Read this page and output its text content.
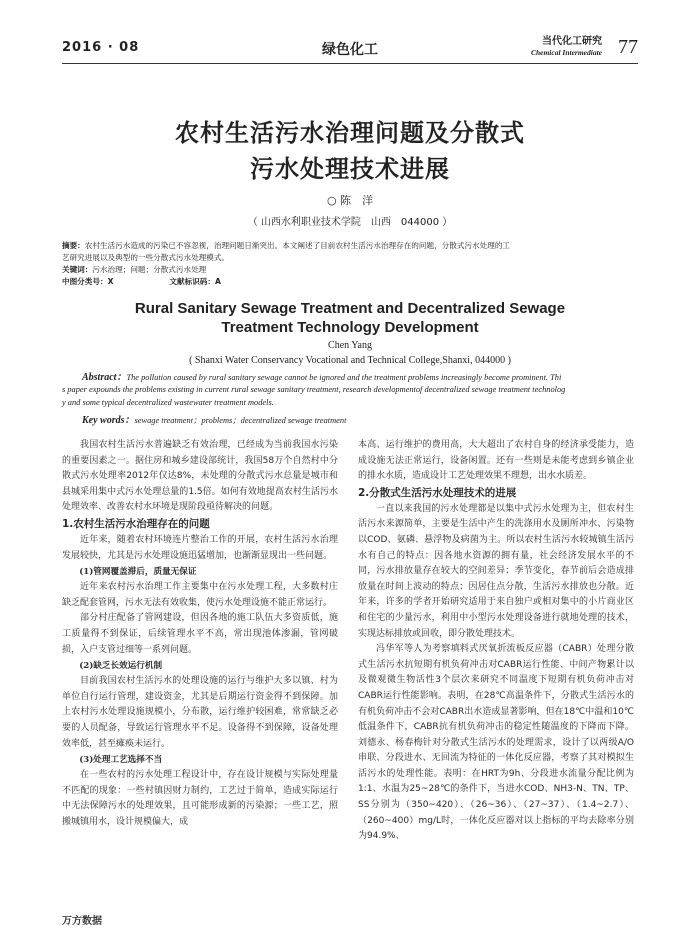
2016 · 08	绿色化工
当代化工研究
Chemical Intermediate 77
农村生活污水治理问题及分散式
污水处理技术进展
○ 陈　洋
（ 山西水利职业技术学院　山西　044000 ）
摘要：农村生活污水造成的污染已不容忽视，治理问题日渐突出。本文阐述了目前农村生活污水治理存在的问题，分散式污水处理的工
艺研究进展以及典型的一些分散式污水处理模式。
关键词：污水治理；问题；分散式污水处理
中图分类号：X	文献标识码：A
Rural Sanitary Sewage Treatment and Decentralized Sewage
Treatment Technology Development
Chen Yang
( Shanxi Water Conservancy Vocational and Technical College,Shanxi, 044000 )
Abstract：The pollution caused by rural sanitary sewage cannot be ignored and the treatment problems increasingly become prominent. Thi
s paper expounds the problems existing in current rural sewage sanitary treatment, research developmentof decentralized sewage treatment technolog
y and some typical decentralized wastewater treatment models.
Key words：sewage treatment；problems；decentralized sewage treatment

我国农村生活污水普遍缺乏有效治理，已经成为当前我国水污染的重要因素之一。据住房和城乡建设部统计，我国58万个自然村中分散式污水处理率2012年仅达8%，未处理的分散式污水总量是城市和县城采用集中式污水处理总量的1.5倍。如何有效地提高农村生活污水处理效率、改善农村水环境是现阶段亟待解决的问题。

1.农村生活污水治理存在的问题

近年来，随着农村环境连片整治工作的开展，农村生活污水治理发展较快，尤其是污水处理设施迅猛增加，也渐渐显现出一些问题。

(1)管网覆盖滞后，质量无保证

近年来农村污水治理工作主要集中在污水处理工程，大多数村庄缺乏配套管网，污水无法有效收集，使污水处理设施不能正常运行。

部分村庄配备了管网建设，但因各地的施工队伍大多资质低，施工质量得不到保证，后续管理水平不高，常出现池体渗漏，管网破损，入户支管过细等一系列问题。

(2)缺乏长效运行机制

目前我国农村生活污水的处理设施的运行与维护大多以镇、村为单位自行运行管理，建设资金，尤其是后期运行资金得不到保障。加上农村污水处理设施规模小，分布散，运行维护较困难，常常缺乏必要的人员配备，导致运行管理水平不足。设备得不到保障，设备处理效率低，甚至瘫痪未运行。

(3)处理工艺选择不当

在一些农村的污水处理工程设计中，存在设计规模与实际处理量不匹配的现象：一些村镇因财力制约，工艺过于简单，造成实际运行中无法保障污水的处理效果，且可能形成新的污染源；一些工艺，照搬城镇用水，设计规模偏大，成

本高、运行维护的费用高，大大超出了农村自身的经济承受能力，造成设施无法正常运行，设备闲置。还有一些则是未能考虑到乡镇企业的排水水质，造成设计工艺处理效果不理想，出水水质差。

2.分散式生活污水处理技术的进展

一直以来我国的污水处理都是以集中式污水处理为主，但农村生活污水来源简单，主要是生活中产生的洗涤用水及厕所冲水、污染物以COD、氨磷、悬浮物及病菌为主。所以农村生活污水较城镇生活污水有自己的特点：因各地水资源的拥有量，社会经济发展水平的不同，污水排放量存在较大的空间差异；季节变化，春节前后会造成排放量在时间上波动的特点；因居住点分散，生活污水排放也分散。近年来，许多的学者开始研究适用于来自独户或相对集中的小片商业区和住宅的少量污水，利用中小型污水处理设备进行就地处理的技术，实现达标排放或回收，即分散处理技术。

冯华军等人为考察填料式厌氧折流板反应器（CABR）处理分散式生活污水抗短期有机负荷冲击对CABR运行性能、中间产物累计以及微观微生物活性3个层次来研究不同温度下短期有机负荷冲击对CABR运行性能影响。表明，在28℃高温条件下，分散式生活污水的有机负荷冲击不会对CABR出水造成显著影响，但在18℃中温和10℃低温条件下，CABR抗有机负荷冲击的稳定性随温度的下降而下降。刘德永、杨春梅针对分散式生活污水的处理需求，设计了以两级A/O串联、分段进水、无回流为特征的一体化反应器，考察了其对模拟生活污水的处理性能。表明：在HRT为9h、分段进水流量分配比例为1:1、水温为25~28℃的条件下，当进水COD、NH3-N、TN、TP、SS分别为（350~420）、（26~36）、（27~37）、（1.4~2.7）、（260~400）mg/L时，一体化反应器对以上指标的平均去除率分别为94.9%、

万方数据
